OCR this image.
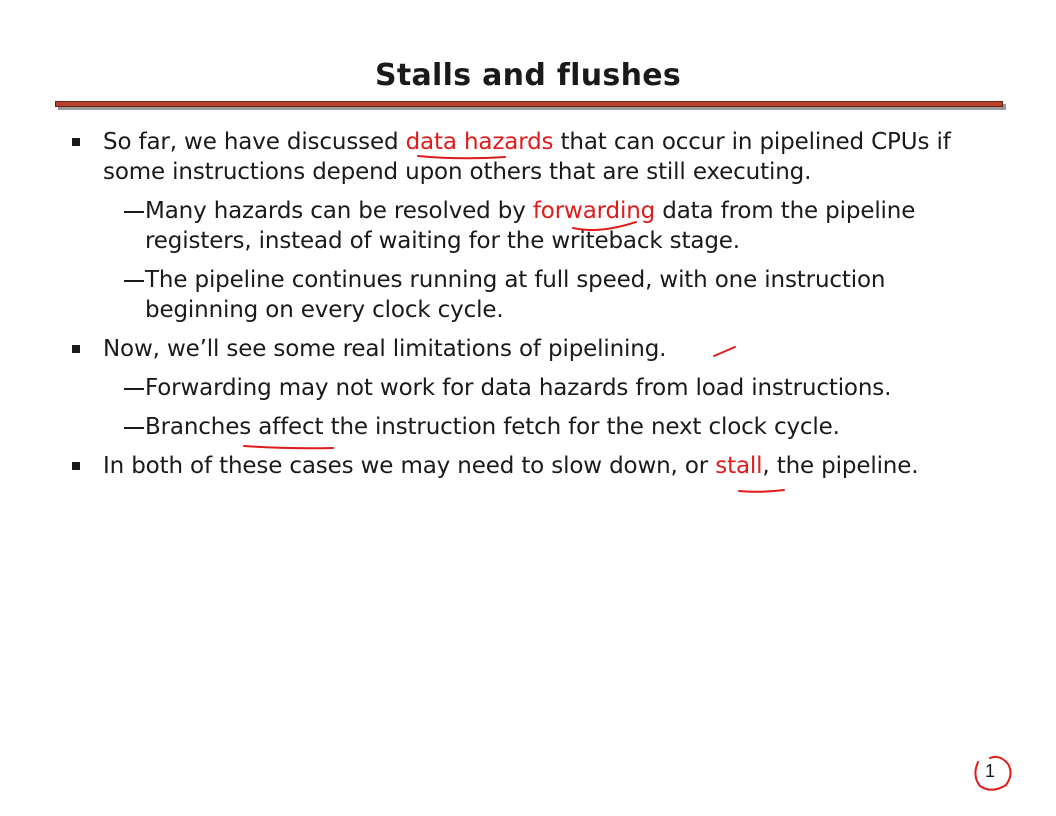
Stalls and flushes
So far, we have discussed data hazards that can occur in pipelined CPUs if
some instructions depend upon others that are still executing.
Many hazards can be resolved by forwarding data from the pipeline
registers, instead of waiting for the writeback stage.
The pipeline continues running at full speed, with one instruction
beginning on every clock cycle.
Now, we’ll see some real limitations of pipelining.
Forwarding may not work for data hazards from load instructions.
Branches affect the instruction fetch for the next clock cycle.
In both of these cases we may need to slow down, or stall, the pipeline.
1
